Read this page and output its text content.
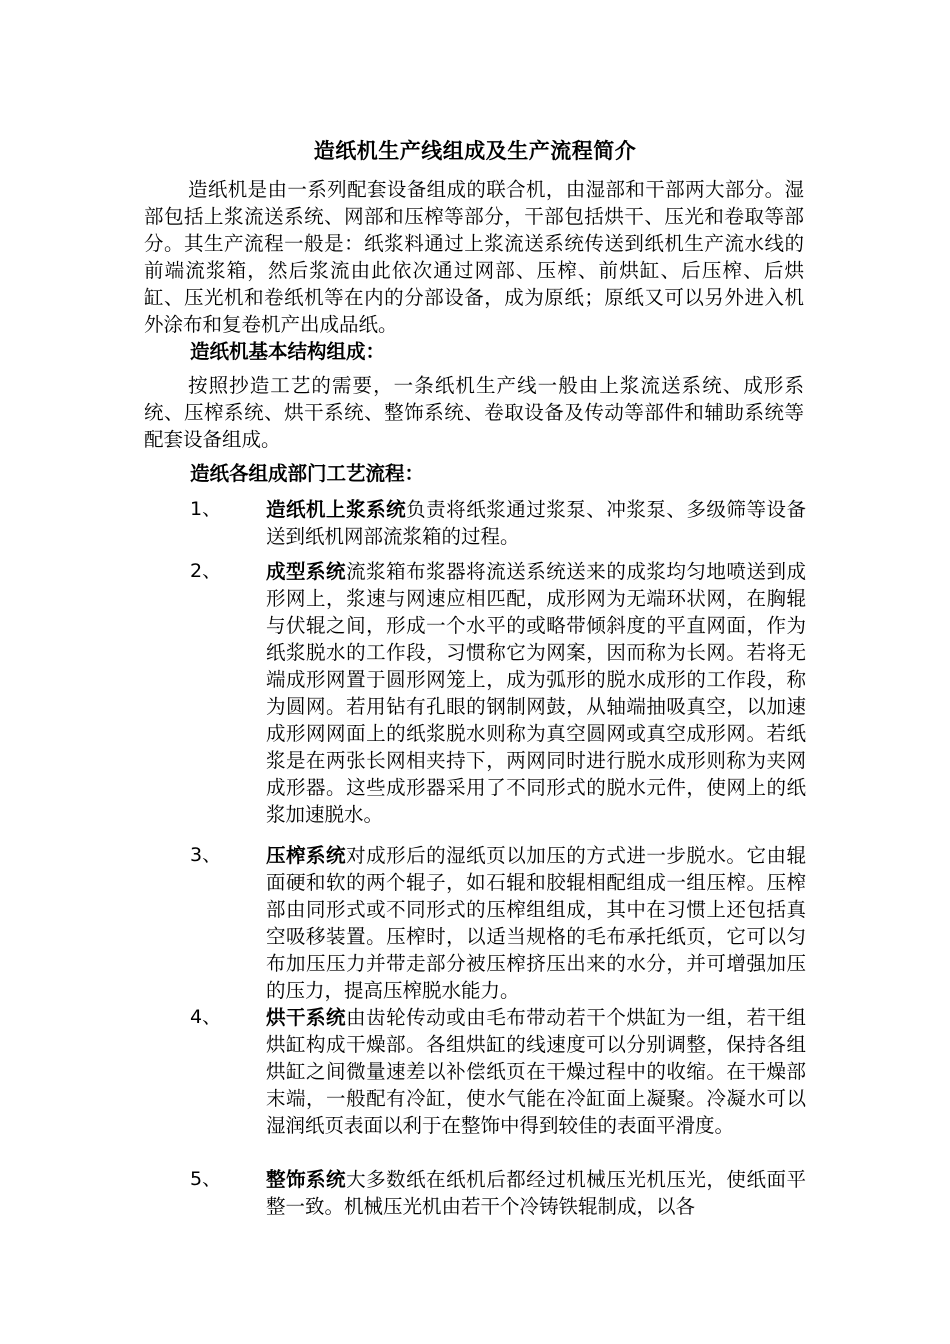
造纸机生产线组成及生产流程简介
造纸机是由一系列配套设备组成的联合机，由湿部和干部两大部分。湿部包括上浆流送系统、网部和压榨等部分，干部包括烘干、压光和卷取等部分。其生产流程一般是：纸浆料通过上浆流送系统传送到纸机生产流水线的前端流浆箱，然后浆流由此依次通过网部、压榨、前烘缸、后压榨、后烘缸、压光机和卷纸机等在内的分部设备，成为原纸；原纸又可以另外进入机外涂布和复卷机产出成品纸。
造纸机基本结构组成：
按照抄造工艺的需要，一条纸机生产线一般由上浆流送系统、成形系统、压榨系统、烘干系统、整饰系统、卷取设备及传动等部件和辅助系统等配套设备组成。
造纸各组成部门工艺流程：
1、 造纸机上浆系统负责将纸浆通过浆泵、冲浆泵、多级筛等设备送到纸机网部流浆箱的过程。
2、 成型系统流浆箱布浆器将流送系统送来的成浆均匀地喷送到成形网上，浆速与网速应相匹配，成形网为无端环状网，在胸辊与伏辊之间，形成一个水平的或略带倾斜度的平直网面，作为纸浆脱水的工作段，习惯称它为网案，因而称为长网。若将无端成形网置于圆形网笼上，成为弧形的脱水成形的工作段，称为圆网。若用钻有孔眼的钢制网鼓，从轴端抽吸真空，以加速成形网网面上的纸浆脱水则称为真空圆网或真空成形网。若纸浆是在两张长网相夹持下，两网同时进行脱水成形则称为夹网成形器。这些成形器采用了不同形式的脱水元件，使网上的纸浆加速脱水。
3、 压榨系统对成形后的湿纸页以加压的方式进一步脱水。它由辊面硬和软的两个辊子，如石辊和胶辊相配组成一组压榨。压榨部由同形式或不同形式的压榨组组成，其中在习惯上还包括真空吸移装置。压榨时，以适当规格的毛布承托纸页，它可以匀布加压压力并带走部分被压榨挤压出来的水分，并可增强加压的压力，提高压榨脱水能力。
4、 烘干系统由齿轮传动或由毛布带动若干个烘缸为一组，若干组烘缸构成干燥部。各组烘缸的线速度可以分别调整，保持各组烘缸之间微量速差以补偿纸页在干燥过程中的收缩。在干燥部末端，一般配有冷缸，使水气能在冷缸面上凝聚。冷凝水可以湿润纸页表面以利于在整饰中得到较佳的表面平滑度。
5、 整饰系统大多数纸在纸机后都经过机械压光机压光，使纸面平整一致。机械压光机由若干个冷铸铁辊制成，以各
